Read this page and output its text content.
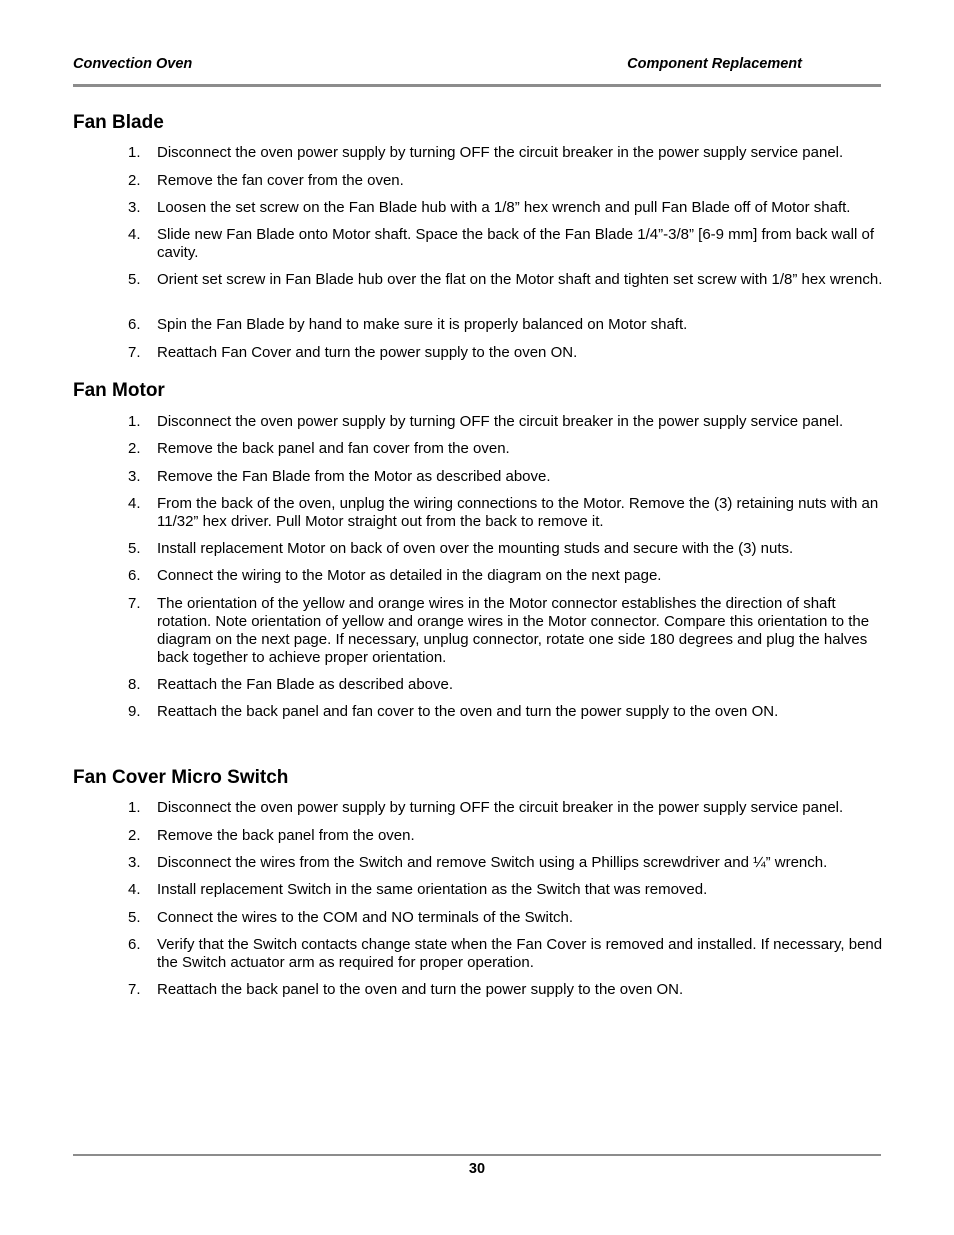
Convection Oven	Component Replacement
Fan Blade
1.	Disconnect the oven power supply by turning OFF the circuit breaker in the power supply service panel.
2.	Remove the fan cover from the oven.
3.	Loosen the set screw on the Fan Blade hub with a 1/8” hex wrench and pull Fan Blade off of Motor shaft.
4.	Slide new Fan Blade onto Motor shaft. Space the back of the Fan Blade 1/4”-3/8” [6-9 mm] from back wall of cavity.
5.	Orient set screw in Fan Blade hub over the flat on the Motor shaft and tighten set screw with 1/8” hex wrench.
6.	Spin the Fan Blade by hand to make sure it is properly balanced on Motor shaft.
7.	Reattach Fan Cover and turn the power supply to the oven ON.
Fan Motor
1.	Disconnect the oven power supply by turning OFF the circuit breaker in the power supply service panel.
2.	Remove the back panel and fan cover from the oven.
3.	Remove the Fan Blade from the Motor as described above.
4.	From the back of the oven, unplug the wiring connections to the Motor. Remove the (3) retaining nuts with an 11/32” hex driver. Pull Motor straight out from the back to remove it.
5.	Install replacement Motor on back of oven over the mounting studs and secure with the (3) nuts.
6.	Connect the wiring to the Motor as detailed in the diagram on the next page.
7.	The orientation of the yellow and orange wires in the Motor connector establishes the direction of shaft rotation. Note orientation of yellow and orange wires in the Motor connector. Compare this orientation to the diagram on the next page. If necessary, unplug connector, rotate one side 180 degrees and plug the halves back together to achieve proper orientation.
8.	Reattach the Fan Blade as described above.
9.	Reattach the back panel and fan cover to the oven and turn the power supply to the oven ON.
Fan Cover Micro Switch
1.	Disconnect the oven power supply by turning OFF the circuit breaker in the power supply service panel.
2.	Remove the back panel from the oven.
3.	Disconnect the wires from the Switch and remove Switch using a Phillips screwdriver and ¼” wrench.
4.	Install replacement Switch in the same orientation as the Switch that was removed.
5.	Connect the wires to the COM and NO terminals of the Switch.
6.	Verify that the Switch contacts change state when the Fan Cover is removed and installed. If necessary, bend the Switch actuator arm as required for proper operation.
7.	Reattach the back panel to the oven and turn the power supply to the oven ON.
30
